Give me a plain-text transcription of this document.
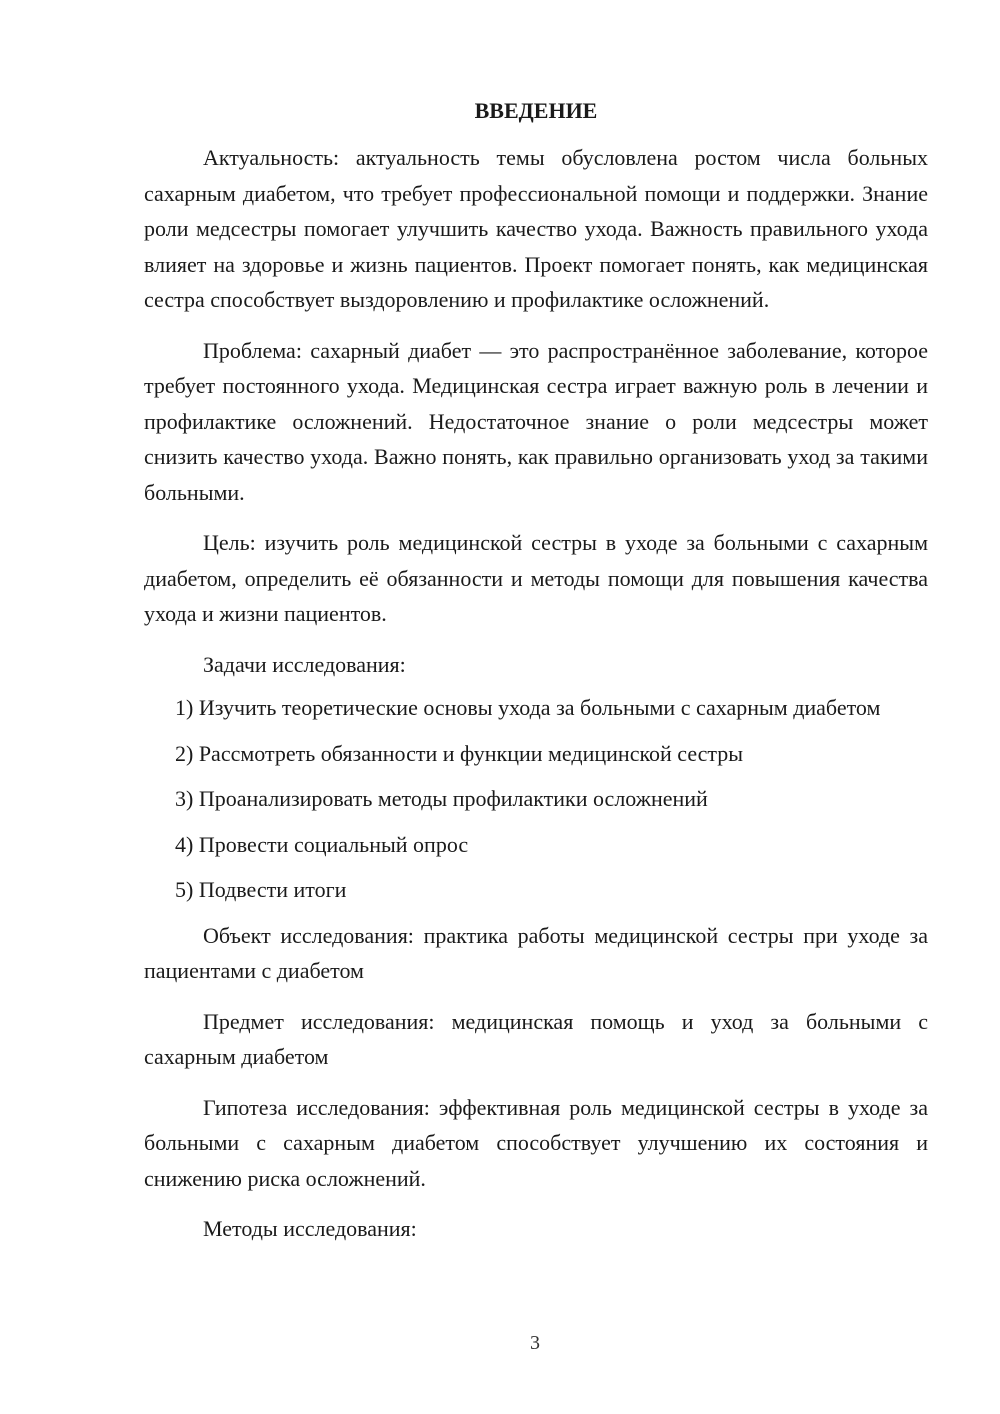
ВВЕДЕНИЕ

Актуальность: актуальность темы обусловлена ростом числа больных сахарным диабетом, что требует профессиональной помощи и поддержки. Знание роли медсестры помогает улучшить качество ухода. Важность правильного ухода влияет на здоровье и жизнь пациентов. Проект помогает понять, как медицинская сестра способствует выздоровлению и профилактике осложнений.

Проблема: сахарный диабет — это распространённое заболевание, которое требует постоянного ухода. Медицинская сестра играет важную роль в лечении и профилактике осложнений. Недостаточное знание о роли медсестры может снизить качество ухода. Важно понять, как правильно организовать уход за такими больными.

Цель: изучить роль медицинской сестры в уходе за больными с сахарным диабетом, определить её обязанности и методы помощи для повышения качества ухода и жизни пациентов.

Задачи исследования:

1) Изучить теоретические основы ухода за больными с сахарным диабетом

2) Рассмотреть обязанности и функции медицинской сестры

3) Проанализировать методы профилактики осложнений

4) Провести социальный опрос

5) Подвести итоги

Объект исследования: практика работы медицинской сестры при уходе за пациентами с диабетом

Предмет исследования: медицинская помощь и уход за больными с сахарным диабетом

Гипотеза исследования: эффективная роль медицинской сестры в уходе за больными с сахарным диабетом способствует улучшению их состояния и снижению риска осложнений.

Методы исследования:

3
